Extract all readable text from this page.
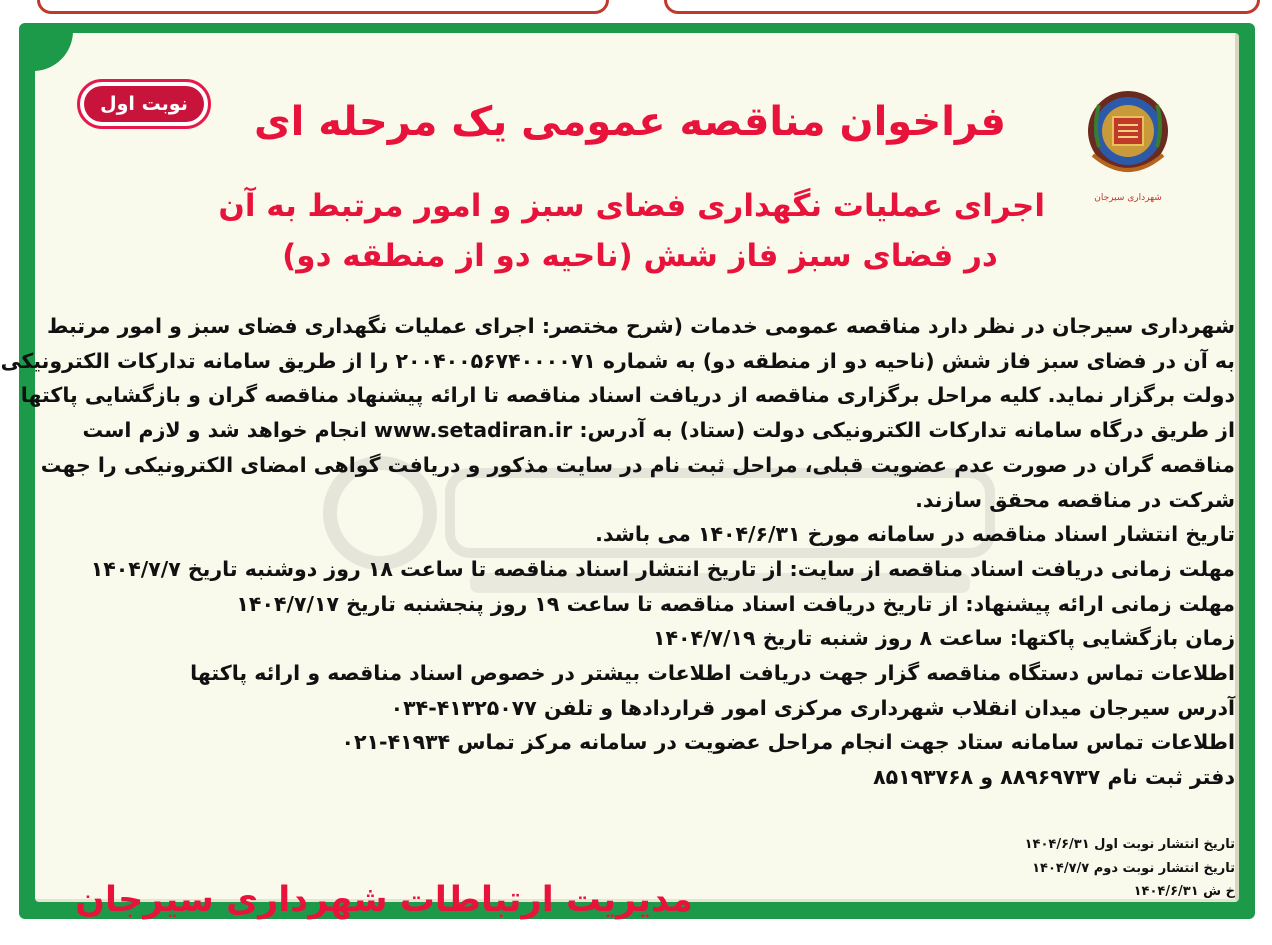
نوبت اول
شهرداری سیرجان
فراخوان مناقصه عمومی یک مرحله ای
اجرای عملیات نگهداری فضای سبز و امور مرتبط به آن
در فضای سبز فاز شش (ناحیه دو از منطقه دو)
شهرداری سیرجان در نظر دارد مناقصه عمومی خدمات (شرح مختصر: اجرای عملیات نگهداری فضای سبز و امور مرتبط
به آن در فضای سبز فاز شش (ناحیه دو از منطقه دو) به شماره ۲۰۰۴۰۰۵۶۷۴۰۰۰۰۷۱ را از طریق سامانه تدارکات الکترونیکی
دولت برگزار نماید. کلیه مراحل برگزاری مناقصه از دریافت اسناد مناقصه تا ارائه پیشنهاد مناقصه گران و بازگشایی پاکتها
از طریق درگاه سامانه تدارکات الکترونیکی دولت (ستاد) به آدرس: www.setadiran.ir انجام خواهد شد و لازم است
مناقصه گران در صورت عدم عضویت قبلی، مراحل ثبت نام در سایت مذکور و دریافت گواهی امضای الکترونیکی را جهت
شرکت در مناقصه محقق سازند.
تاریخ انتشار اسناد مناقصه در سامانه مورخ ۱۴۰۴/۶/۳۱ می باشد.
مهلت زمانی دریافت اسناد مناقصه از سایت: از تاریخ انتشار اسناد مناقصه تا ساعت ۱۸ روز دوشنبه تاریخ ۱۴۰۴/۷/۷
مهلت زمانی ارائه پیشنهاد: از تاریخ دریافت اسناد مناقصه تا ساعت ۱۹ روز پنجشنبه تاریخ ۱۴۰۴/۷/۱۷
زمان بازگشایی پاکتها: ساعت ۸ روز شنبه تاریخ ۱۴۰۴/۷/۱۹
اطلاعات تماس دستگاه مناقصه گزار جهت دریافت اطلاعات بیشتر در خصوص اسناد مناقصه و ارائه پاکتها
آدرس سیرجان میدان انقلاب شهرداری مرکزی امور قراردادها و تلفن ۴۱۳۲۵۰۷۷-۰۳۴
اطلاعات تماس سامانه ستاد جهت انجام مراحل عضویت در سامانه مرکز تماس ۴۱۹۳۴-۰۲۱
دفتر ثبت نام ۸۸۹۶۹۷۳۷ و ۸۵۱۹۳۷۶۸
تاریخ انتشار نوبت اول ۱۴۰۴/۶/۳۱
تاریخ انتشار نوبت دوم ۱۴۰۴/۷/۷
خ ش ۱۴۰۴/۶/۳۱
مدیریت ارتباطات شهرداری سیرجان
